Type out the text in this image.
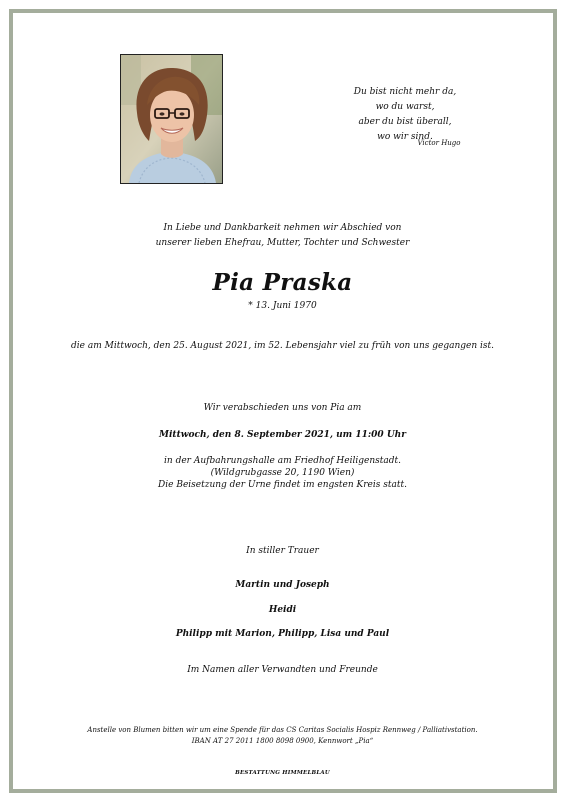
Du bist nicht mehr da,
wo du warst,
aber du bist überall,
wo wir sind.
Victor Hugo
In Liebe und Dankbarkeit nehmen wir Abschied von
unserer lieben Ehefrau, Mutter, Tochter und Schwester
Pia Praska
* 13. Juni 1970
die am Mittwoch, den 25. August 2021, im 52. Lebensjahr viel zu früh von uns gegangen ist.
Wir verabschieden uns von Pia am
Mittwoch, den 8. September 2021, um 11:00 Uhr
in der Aufbahrungshalle am Friedhof Heiligenstadt.
(Wildgrubgasse 20, 1190 Wien)
Die Beisetzung der Urne findet im engsten Kreis statt.
In stiller Trauer
Martin und Joseph
Heidi
Philipp mit Marion, Philipp, Lisa und Paul
Im Namen aller Verwandten und Freunde
Anstelle von Blumen bitten wir um eine Spende für das CS Caritas Socialis Hospiz Rennweg / Palliativstation.
IBAN AT 27 2011 1800 8098 0900, Kennwort „Pia“
BESTATTUNG HIMMELBLAU
